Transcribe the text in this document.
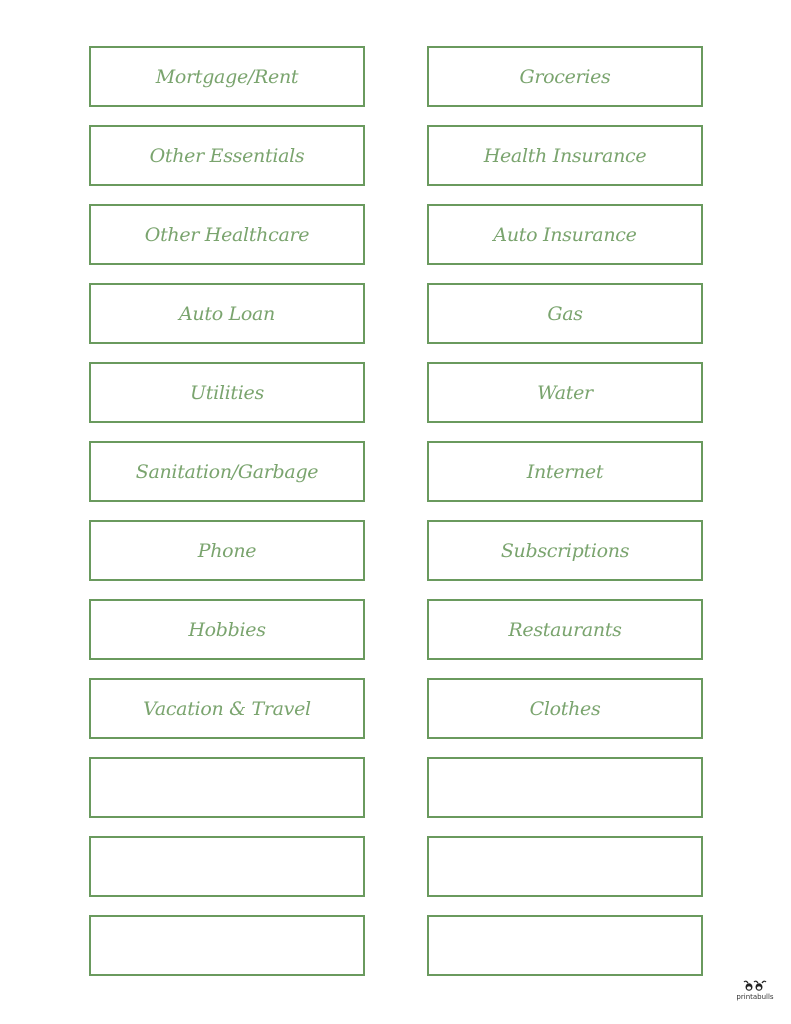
Mortgage/Rent	Groceries
Other Essentials	Health Insurance
Other Healthcare	Auto Insurance
Auto Loan	Gas
Utilities	Water
Sanitation/Garbage	Internet
Phone	Subscriptions
Hobbies	Restaurants
Vacation & Travel	Clothes
printabulls
